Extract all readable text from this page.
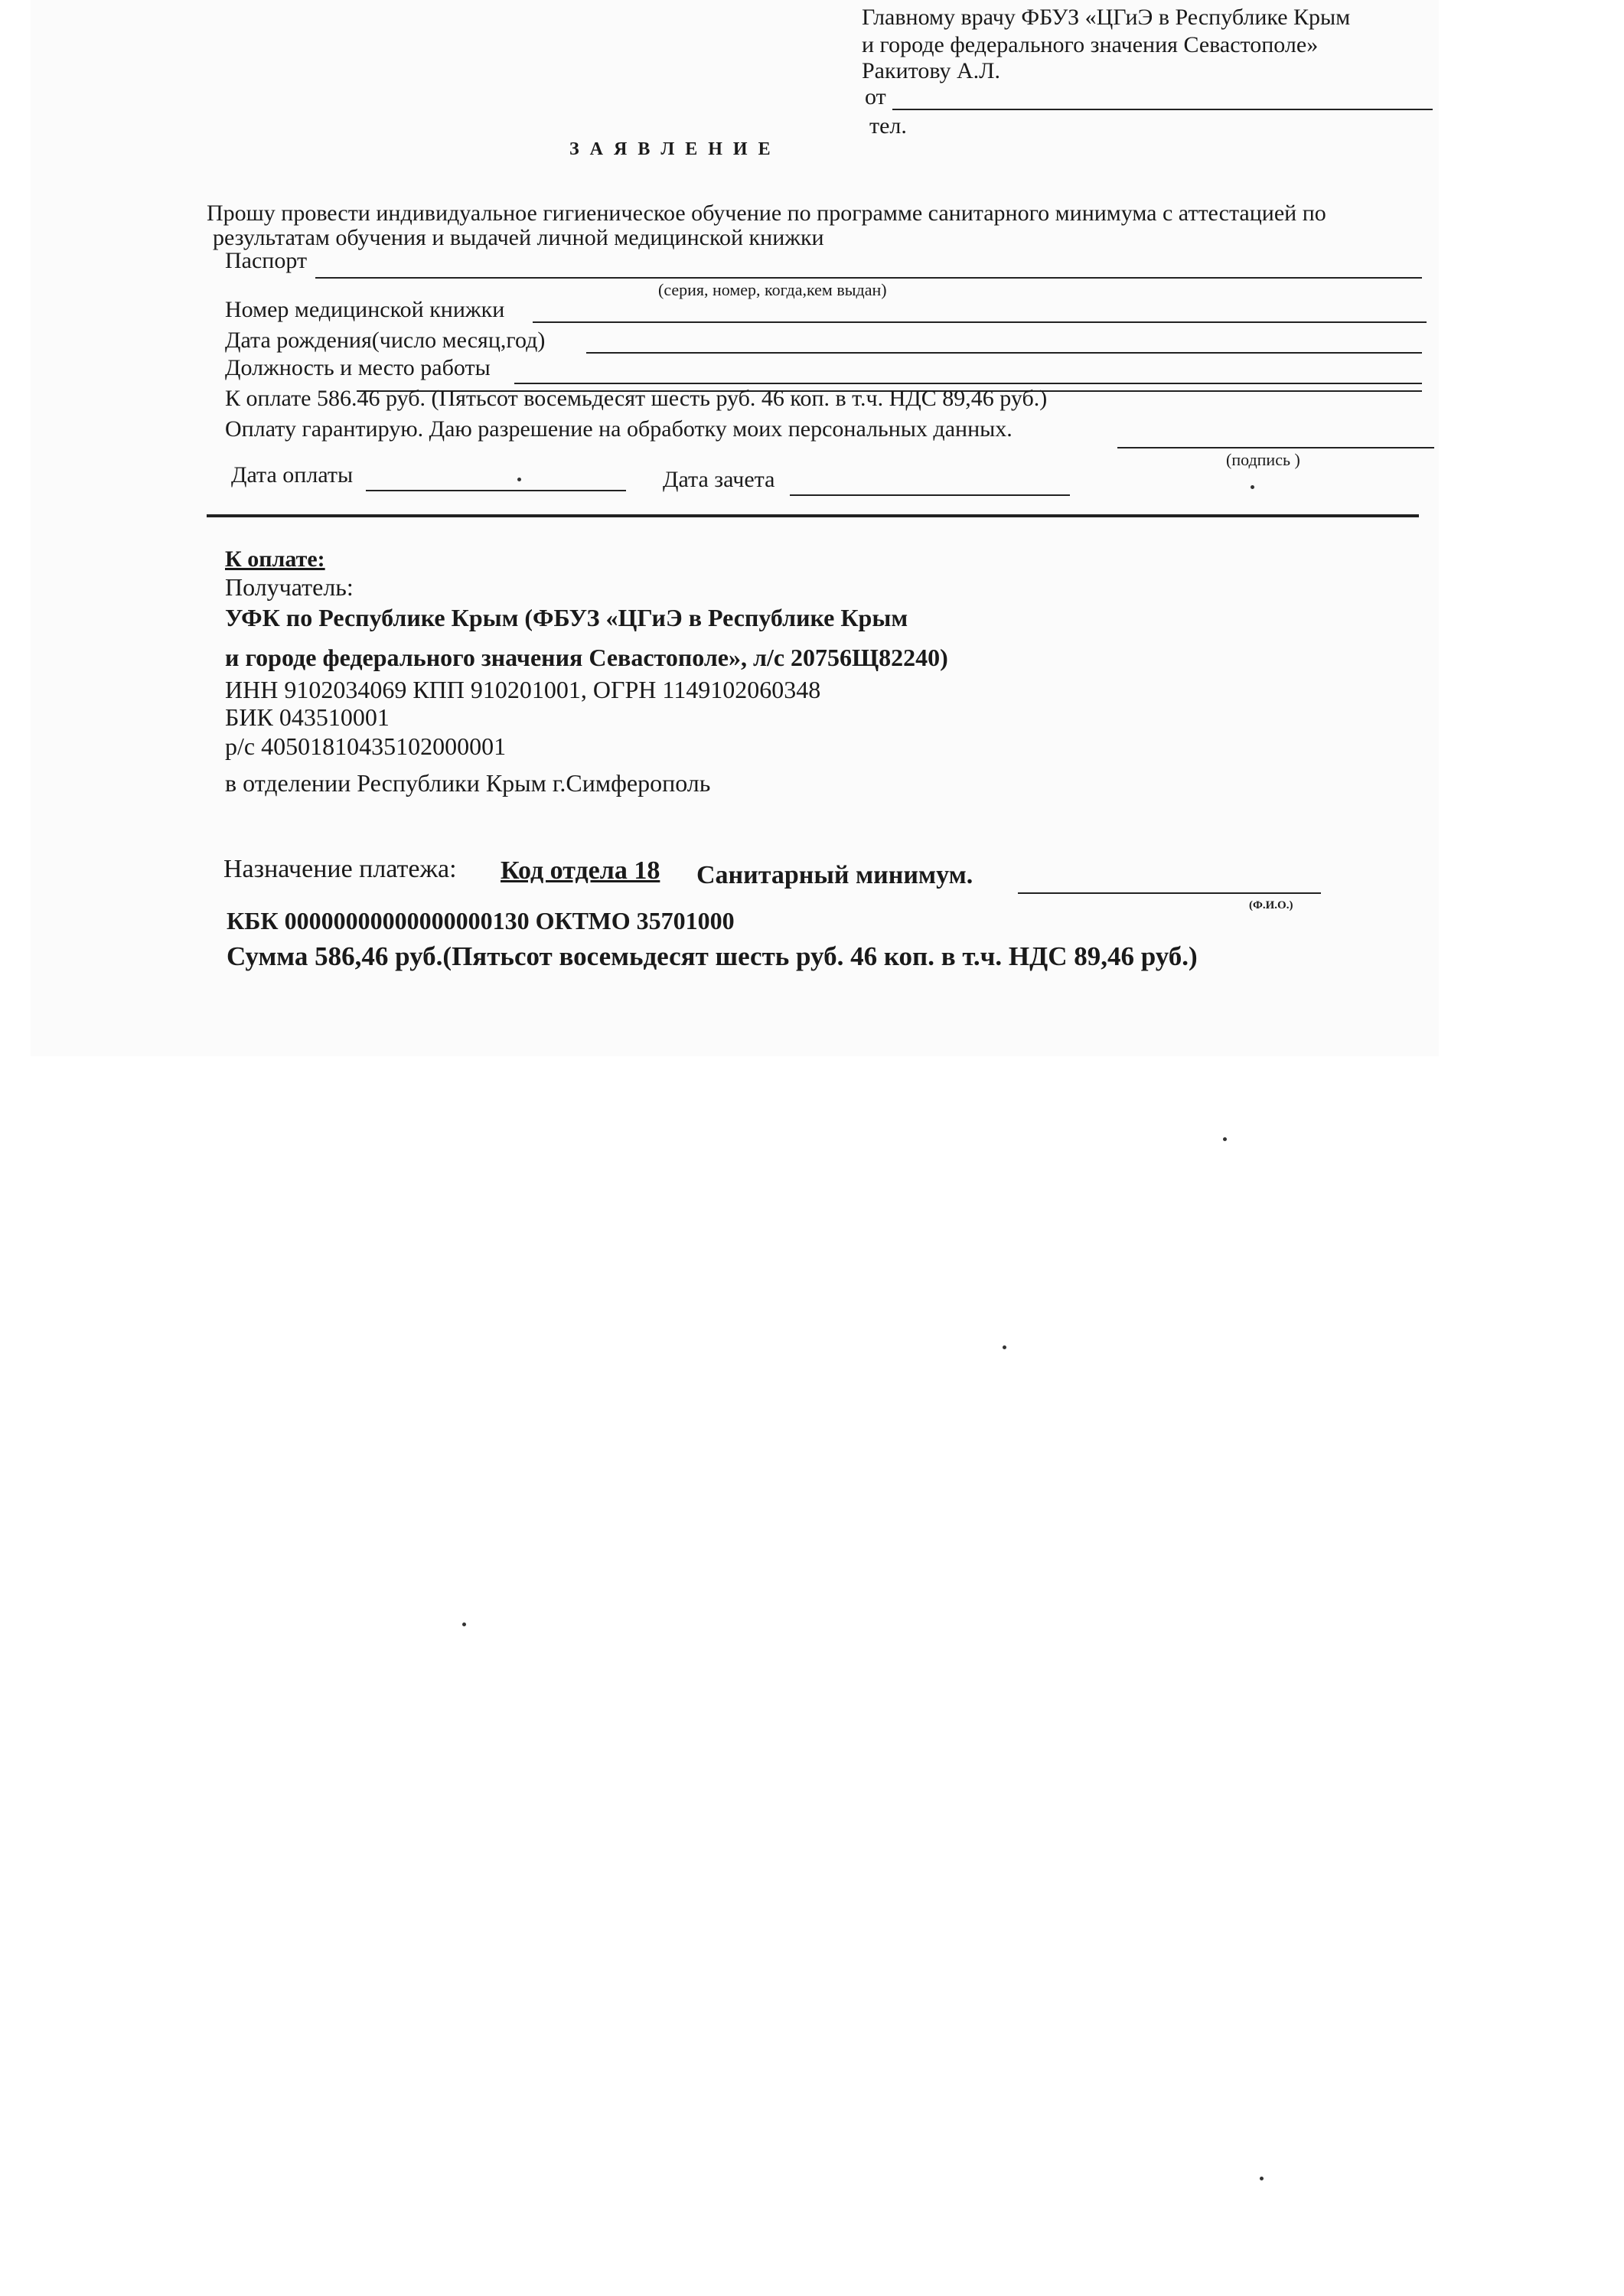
Главному врачу ФБУЗ «ЦГиЭ в Республике Крым
и городе федерального значения Севастополе»
Ракитову А.Л.
от
тел.
З А Я В Л Е Н И Е
Прошу провести индивидуальное гигиеническое обучение по программе санитарного минимума с аттестацией по
результатам обучения и выдачей личной медицинской книжки
Паспорт
(серия, номер, когда,кем выдан)
Номер медицинской книжки
Дата рождения(число месяц,год)
Должность и место работы
К оплате 586.46 руб. (Пятьсот восемьдесят шесть руб. 46 коп. в т.ч. НДС 89,46 руб.)
Оплату гарантирую. Даю разрешение на обработку моих персональных данных.
(подпись )
Дата оплаты	Дата зачета
К оплате:
Получатель:
УФК по Республике Крым (ФБУЗ «ЦГиЭ в Республике Крым
и городе федерального значения Севастополе», л/с 20756Щ82240)
ИНН 9102034069 КПП 910201001, ОГРН 1149102060348
БИК 043510001
р/с 40501810435102000001
в отделении Республики Крым г.Симферополь
Назначение платежа: Код отдела 18 Санитарный минимум.
(Ф.И.О.)
КБК 00000000000000000130 ОКТМО 35701000
Сумма 586,46 руб.(Пятьсот восемьдесят шесть руб. 46 коп. в т.ч. НДС 89,46 руб.)
